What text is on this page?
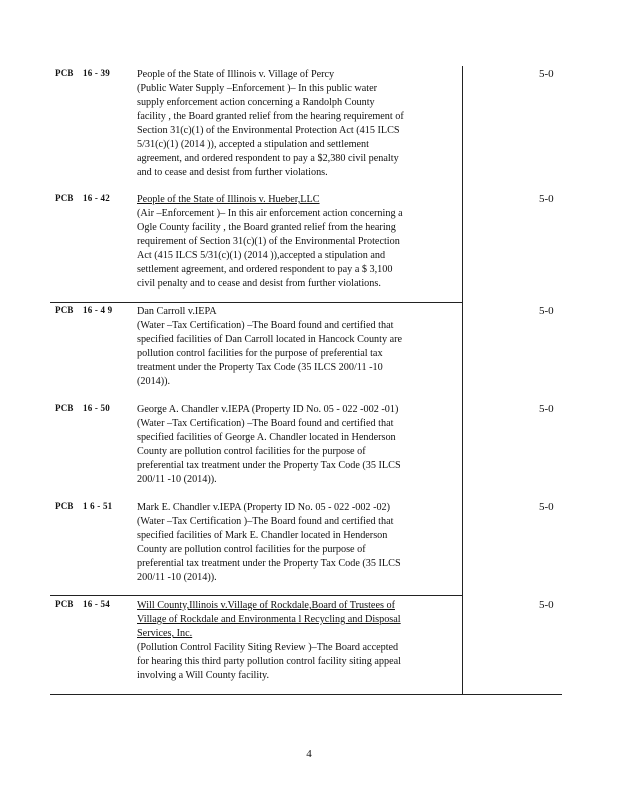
PCB 16 - 39	People of the State of Illinois v. Village of Percy
(Public Water Supply –Enforcement )– In this public water
supply enforcement action concerning a Randolph County
facility , the Board granted relief from the hearing requirement of
Section 31(c)(1) of the Environmental Protection Act (415 ILCS
5/31(c)(1) (2014 )), accepted a stipulation and settlement
agreement, and ordered respondent to pay a $2,380 civil penalty
and to cease and desist from further violations.
5-0
PCB 16 - 42	People of the State of Illinois v. Hueber,LLC
(Air –Enforcement )– In this air enforcement action concerning a
Ogle County facility , the Board granted relief from the hearing
requirement of Section 31(c)(1) of the Environmental Protection
Act (415 ILCS 5/31(c)(1) (2014 )),accepted a stipulation and
settlement agreement, and ordered respondent to pay a $ 3,100
civil penalty and to cease and desist from further violations.
5-0
PCB 16 - 4 9	Dan Carroll v.IEPA
(Water –Tax Certification) –The Board found and certified that
specified facilities of Dan Carroll located in Hancock County are
pollution control facilities for the purpose of preferential tax
treatment under the Property Tax Code (35 ILCS 200/11 -10
(2014)).
5-0
PCB 16 - 50	George A. Chandler v.IEPA (Property ID No. 05 - 022 -002 -01)
(Water –Tax Certification) –The Board found and certified that
specified facilities of George A. Chandler located in Henderson
County are pollution control facilities for the purpose of
preferential tax treatment under the Property Tax Code (35 ILCS
200/11 -10 (2014)).
5-0
PCB 1 6 - 51	Mark E. Chandler v.IEPA (Property ID No. 05 - 022 -002 -02)
(Water –Tax Certification )–The Board found and certified that
specified facilities of Mark E. Chandler located in Henderson
County are pollution control facilities for the purpose of
preferential tax treatment under the Property Tax Code (35 ILCS
200/11 -10 (2014)).
5-0
PCB 16 - 54	Will County,Illinois v.Village of Rockdale,Board of Trustees of
Village of Rockdale and Environmenta l Recycling and Disposal
Services, Inc.
(Pollution Control Facility Siting Review )–The Board accepted
for hearing this third party pollution control facility siting appeal
involving a Will County facility.
5-0
4
